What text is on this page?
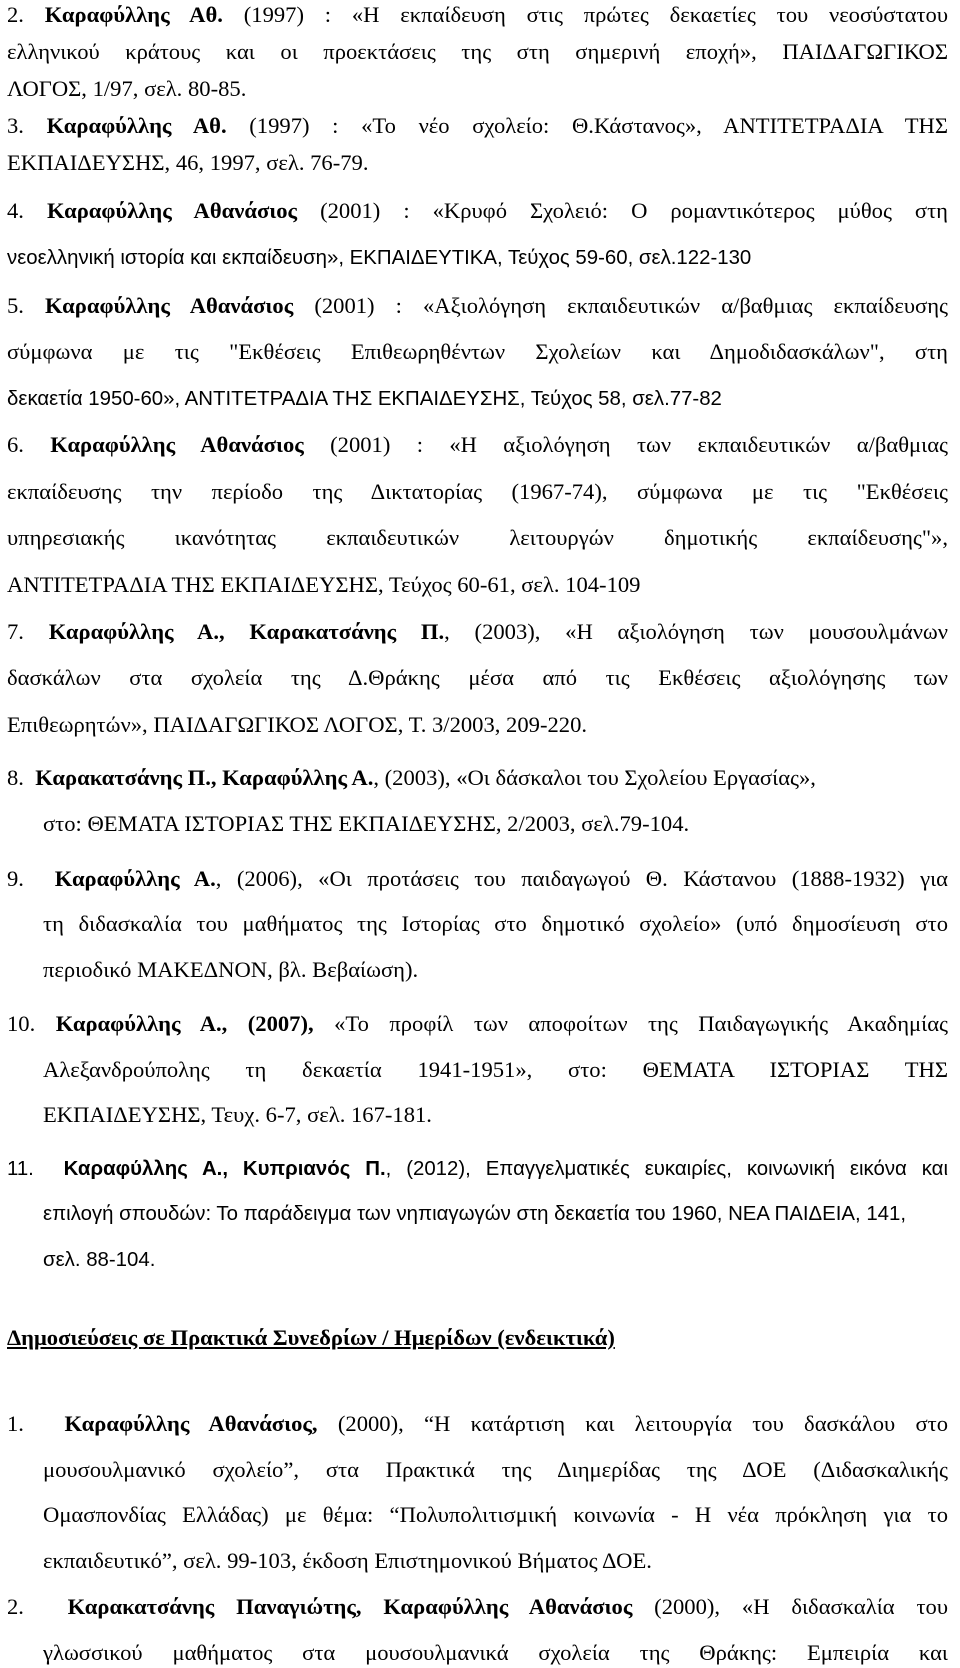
2. Καραφύλλης Αθ. (1997) : «Η εκπαίδευση στις πρώτες δεκαετίες του νεοσύστατου
ελληνικού κράτους και οι προεκτάσεις της στη σημερινή εποχή», ΠΑΙΔΑΓΩΓΙΚΟΣ
ΛΟΓΟΣ, 1/97, σελ. 80-85.
3. Καραφύλλης Αθ. (1997) : «Το νέο σχολείο: Θ.Κάστανος», ΑΝΤΙΤΕΤΡΑΔΙΑ ΤΗΣ
ΕΚΠΑΙΔΕΥΣΗΣ, 46, 1997, σελ. 76-79.
4. Καραφύλλης Αθανάσιος (2001) : «Κρυφό Σχολειό: Ο ρομαντικότερος μύθος στη
νεοελληνική ιστορία και εκπαίδευση», ΕΚΠΑΙΔΕΥΤΙΚΑ, Τεύχος 59-60, σελ.122-130
5. Καραφύλλης Αθανάσιος (2001) : «Αξιολόγηση εκπαιδευτικών α/βαθμιας εκπαίδευσης
σύμφωνα με τις "Εκθέσεις Επιθεωρηθέντων Σχολείων και Δημοδιδασκάλων", στη
δεκαετία 1950-60», ΑΝΤΙΤΕΤΡΑΔΙΑ ΤΗΣ ΕΚΠΑΙΔΕΥΣΗΣ, Τεύχος 58, σελ.77-82
6. Καραφύλλης Αθανάσιος (2001) : «Η αξιολόγηση των εκπαιδευτικών α/βαθμιας
εκπαίδευσης την περίοδο της Δικτατορίας (1967-74), σύμφωνα με τις "Εκθέσεις
υπηρεσιακής ικανότητας εκπαιδευτικών λειτουργών δημοτικής εκπαίδευσης"»,
ΑΝΤΙΤΕΤΡΑΔΙΑ ΤΗΣ ΕΚΠΑΙΔΕΥΣΗΣ, Τεύχος 60-61, σελ. 104-109
7. Καραφύλλης Α., Καρακατσάνης Π., (2003), «Η αξιολόγηση των μουσουλμάνων
δασκάλων στα σχολεία της Δ.Θράκης μέσα από τις Εκθέσεις αξιολόγησης των
Επιθεωρητών», ΠΑΙΔΑΓΩΓΙΚΟΣ ΛΟΓΟΣ, Τ. 3/2003, 209-220.
8. Καρακατσάνης Π., Καραφύλλης Α., (2003), «Οι δάσκαλοι του Σχολείου Εργασίας»,
στο: ΘΕΜΑΤΑ ΙΣΤΟΡΙΑΣ ΤΗΣ ΕΚΠΑΙΔΕΥΣΗΣ, 2/2003, σελ.79-104.
9. Καραφύλλης Α., (2006), «Οι προτάσεις του παιδαγωγού Θ. Κάστανου (1888-1932) για
τη διδασκαλία του μαθήματος της Ιστορίας στο δημοτικό σχολείο» (υπό δημοσίευση στο
περιοδικό ΜΑΚΕΔΝΟΝ, βλ. Βεβαίωση).
10. Καραφύλλης Α., (2007), «Το προφίλ των αποφοίτων της Παιδαγωγικής Ακαδημίας
Αλεξανδρούπολης τη δεκαετία 1941-1951», στο: ΘΕΜΑΤΑ ΙΣΤΟΡΙΑΣ ΤΗΣ
ΕΚΠΑΙΔΕΥΣΗΣ, Τευχ. 6-7, σελ. 167-181.
11. Καραφύλλης Α., Κυπριανός Π., (2012), Επαγγελματικές ευκαιρίες, κοινωνική εικόνα και
επιλογή σπουδών: Το παράδειγμα των νηπιαγωγών στη δεκαετία του 1960, ΝΕΑ ΠΑΙΔΕΙΑ, 141,
σελ. 88-104.
Δημοσιεύσεις σε Πρακτικά Συνεδρίων / Ημερίδων (ενδεικτικά)
1. Καραφύλλης Αθανάσιος, (2000), “Η κατάρτιση και λειτουργία του δασκάλου στο
μουσουλμανικό σχολείο”, στα Πρακτικά της Διημερίδας της ΔΟΕ (Διδασκαλικής
Ομασπονδίας Ελλάδας) με θέμα: “Πολυπολιτισμική κοινωνία - Η νέα πρόκληση για το
εκπαιδευτικό”, σελ. 99-103, έκδοση Επιστημονικού Βήματος ΔΟΕ.
2. Καρακατσάνης Παναγιώτης, Καραφύλλης Αθανάσιος (2000), «Η διδασκαλία του
γλωσσικού μαθήματος στα μουσουλμανικά σχολεία της Θράκης: Εμπειρία και
